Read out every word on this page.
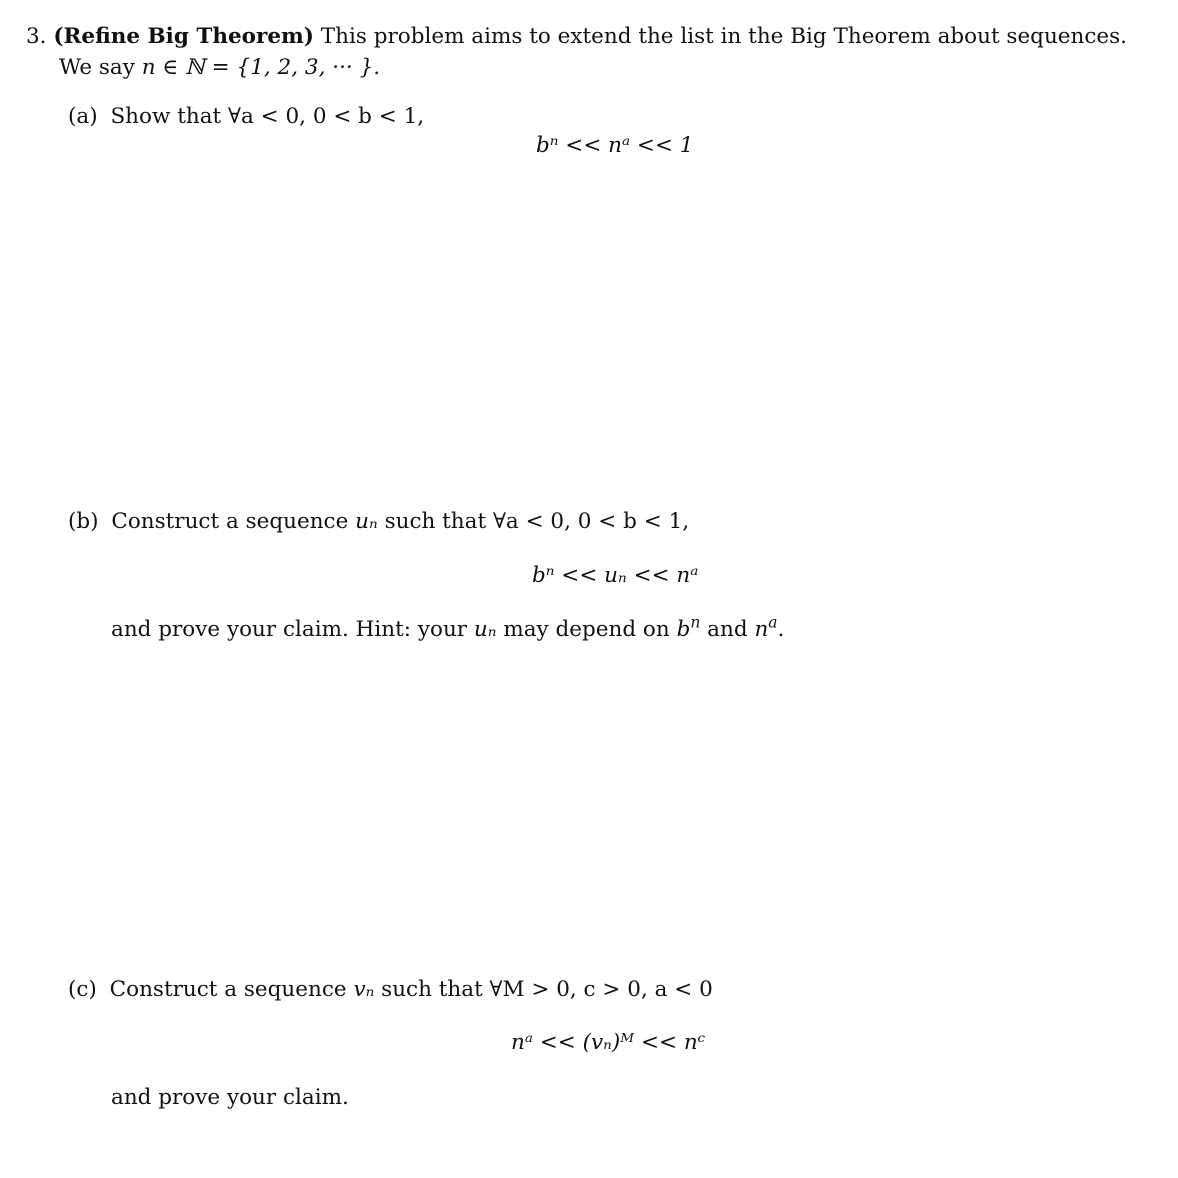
3. (Refine Big Theorem) This problem aims to extend the list in the Big Theorem about sequences.
We say n ∈ ℕ = {1, 2, 3, ··· }.
(a) Show that ∀a < 0, 0 < b < 1,
bⁿ << nᵃ << 1
(b) Construct a sequence uₙ such that ∀a < 0, 0 < b < 1,
bⁿ << uₙ << nᵃ
and prove your claim. Hint: your uₙ may depend on $b^n$ and $n^a$.
(c) Construct a sequence vₙ such that ∀M > 0, c > 0, a < 0
nᵃ << (vₙ)ᴹ << nᶜ
and prove your claim.
